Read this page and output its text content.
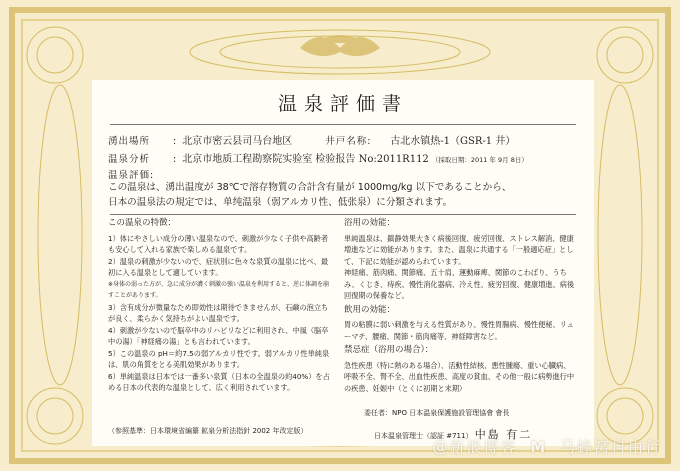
温泉評価書
湧出場所 : 北京市密云县司马台地区	井戸名称: 古北水镇热-1（GSR-1 井）
温泉分析 : 北京市地质工程勘察院实验室 检验报告 No:2011R112 （採取日期：2011 年 9月 8日）
温泉評価:
この温泉は、湧出温度が 38℃で溶存物質の合計含有量が 1000mg/kg 以下であることから、
日本の温泉法の規定では、单纯温泉（弱アルカリ性、低张泉）に分類されます。
この温泉の特徴：

1）体にやさしい成分の薄い温泉なので、刺激が少なく子供や高齢者も安心して入れる家族で楽しめる温泉です。

2）温泉の刺激が少ないので、症状別に色々な泉質の温泉に比べ、最初に入る温泉として適しています。

※身体の弱った方が、急に成分が濃く刺激の強い温泉を利用すると、逆に体調を崩すことがあります。

3）含有成分が微量なため即効性は期待できませんが、石鹸の泡立ちが良く、柔らかく気持ちがよい温泉です。

4）刺激が少ないので脳卒中のリハビリなどに利用され、中風（脳卒中の湯）「神経痛の湯」とも言われています。

5）この温泉の pH＝約7.5の弱アルカリ性です。弱アルカリ性単純泉は、肌の角質をとる美肌効果があります。

6）単純温泉は日本では一番多い泉質（日本の全温泉の約40%）を占める日本の代表的な温泉として、広く利用されています。

浴用の効能：

単純温泉は、鎮静効果大きく病後回復、疲労回復、ストレス解消、健康増進などに効能があります。また、温泉に共通する「一般適応症」として、下記に効能が認められています。

神経痛、筋肉痛、関節痛、五十肩、運動麻痺、関節のこわばり、うちみ、くじき、痔疾、慢性消化器病、冷え性、疲労回復、健康増進、病後回復期の保養など。

飲用の効能：

胃の粘膜に弱い刺激を与える性質があり、慢性胃腸病、慢性便秘、リューマチ、腰痛、関節・筋肉痛等、神経障害など。

禁忌症（浴用の場合）：

急性疾患（特に熱のある場合）、活動性結核、悪性腫瘍、重い心臓病、呼吸不全、腎不全、出血性疾患、高度の貧血、その他一般に病勢進行中の疾患、妊娠中（とくに初期と末期）

（参照基準：日本環境省編纂 鉱泉分析法指針 2002 年改定版）
委任者：NPO 日本温泉保護施設管理協會 會長
日本温泉管理士（認証 #711） 中島 有二
@新浪博客 M 马蜂窝自由行
